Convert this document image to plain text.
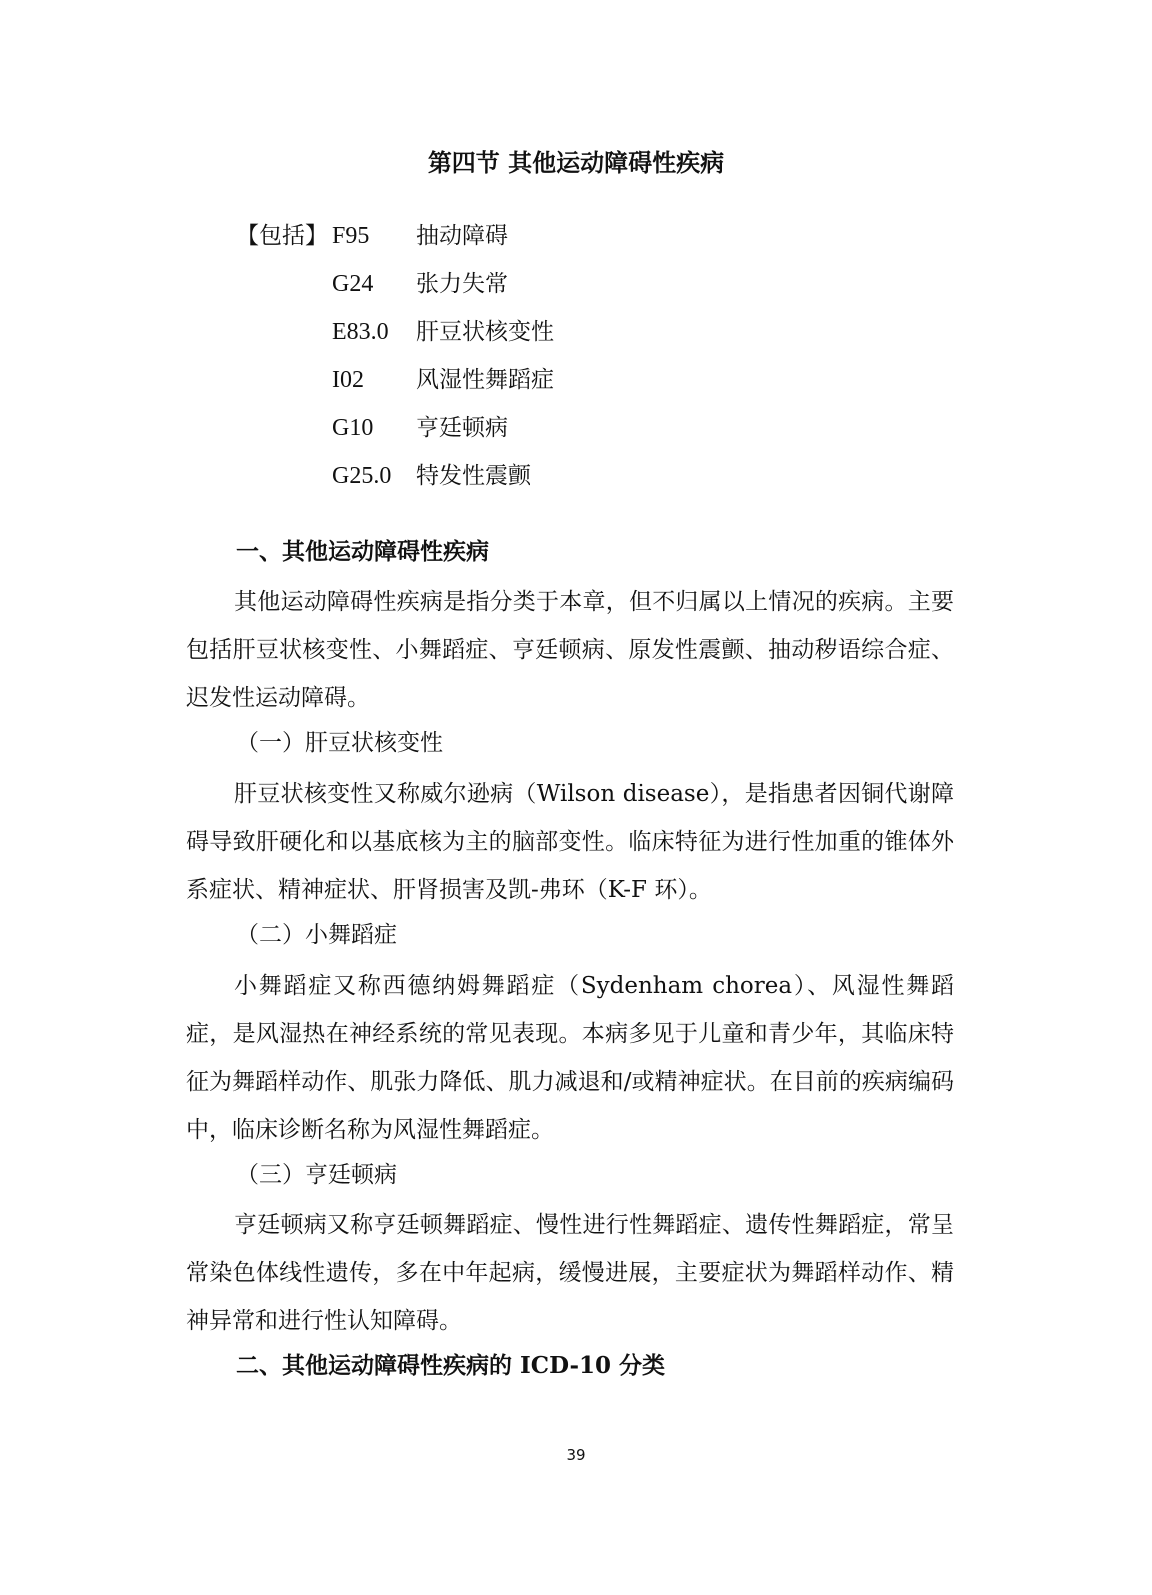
第四节 其他运动障碍性疾病
【包括】 F95	抽动障碍
G24	张力失常
E83.0	肝豆状核变性
I02	风湿性舞蹈症
G10	亨廷顿病
G25.0	特发性震颤
一、其他运动障碍性疾病
其他运动障碍性疾病是指分类于本章，但不归属以上情况的疾病。主要包括肝豆状核变性、小舞蹈症、亨廷顿病、原发性震颤、抽动秽语综合症、迟发性运动障碍。
（一）肝豆状核变性
肝豆状核变性又称威尔逊病（Wilson disease），是指患者因铜代谢障碍导致肝硬化和以基底核为主的脑部变性。临床特征为进行性加重的锥体外系症状、精神症状、肝肾损害及凯-弗环（K-F 环）。
（二）小舞蹈症
小舞蹈症又称西德纳姆舞蹈症（Sydenham chorea）、风湿性舞蹈症，是风湿热在神经系统的常见表现。本病多见于儿童和青少年，其临床特征为舞蹈样动作、肌张力降低、肌力减退和/或精神症状。在目前的疾病编码中，临床诊断名称为风湿性舞蹈症。
（三）亨廷顿病
亨廷顿病又称亨廷顿舞蹈症、慢性进行性舞蹈症、遗传性舞蹈症，常呈常染色体线性遗传，多在中年起病，缓慢进展，主要症状为舞蹈样动作、精神异常和进行性认知障碍。
二、其他运动障碍性疾病的 ICD-10 分类
39
